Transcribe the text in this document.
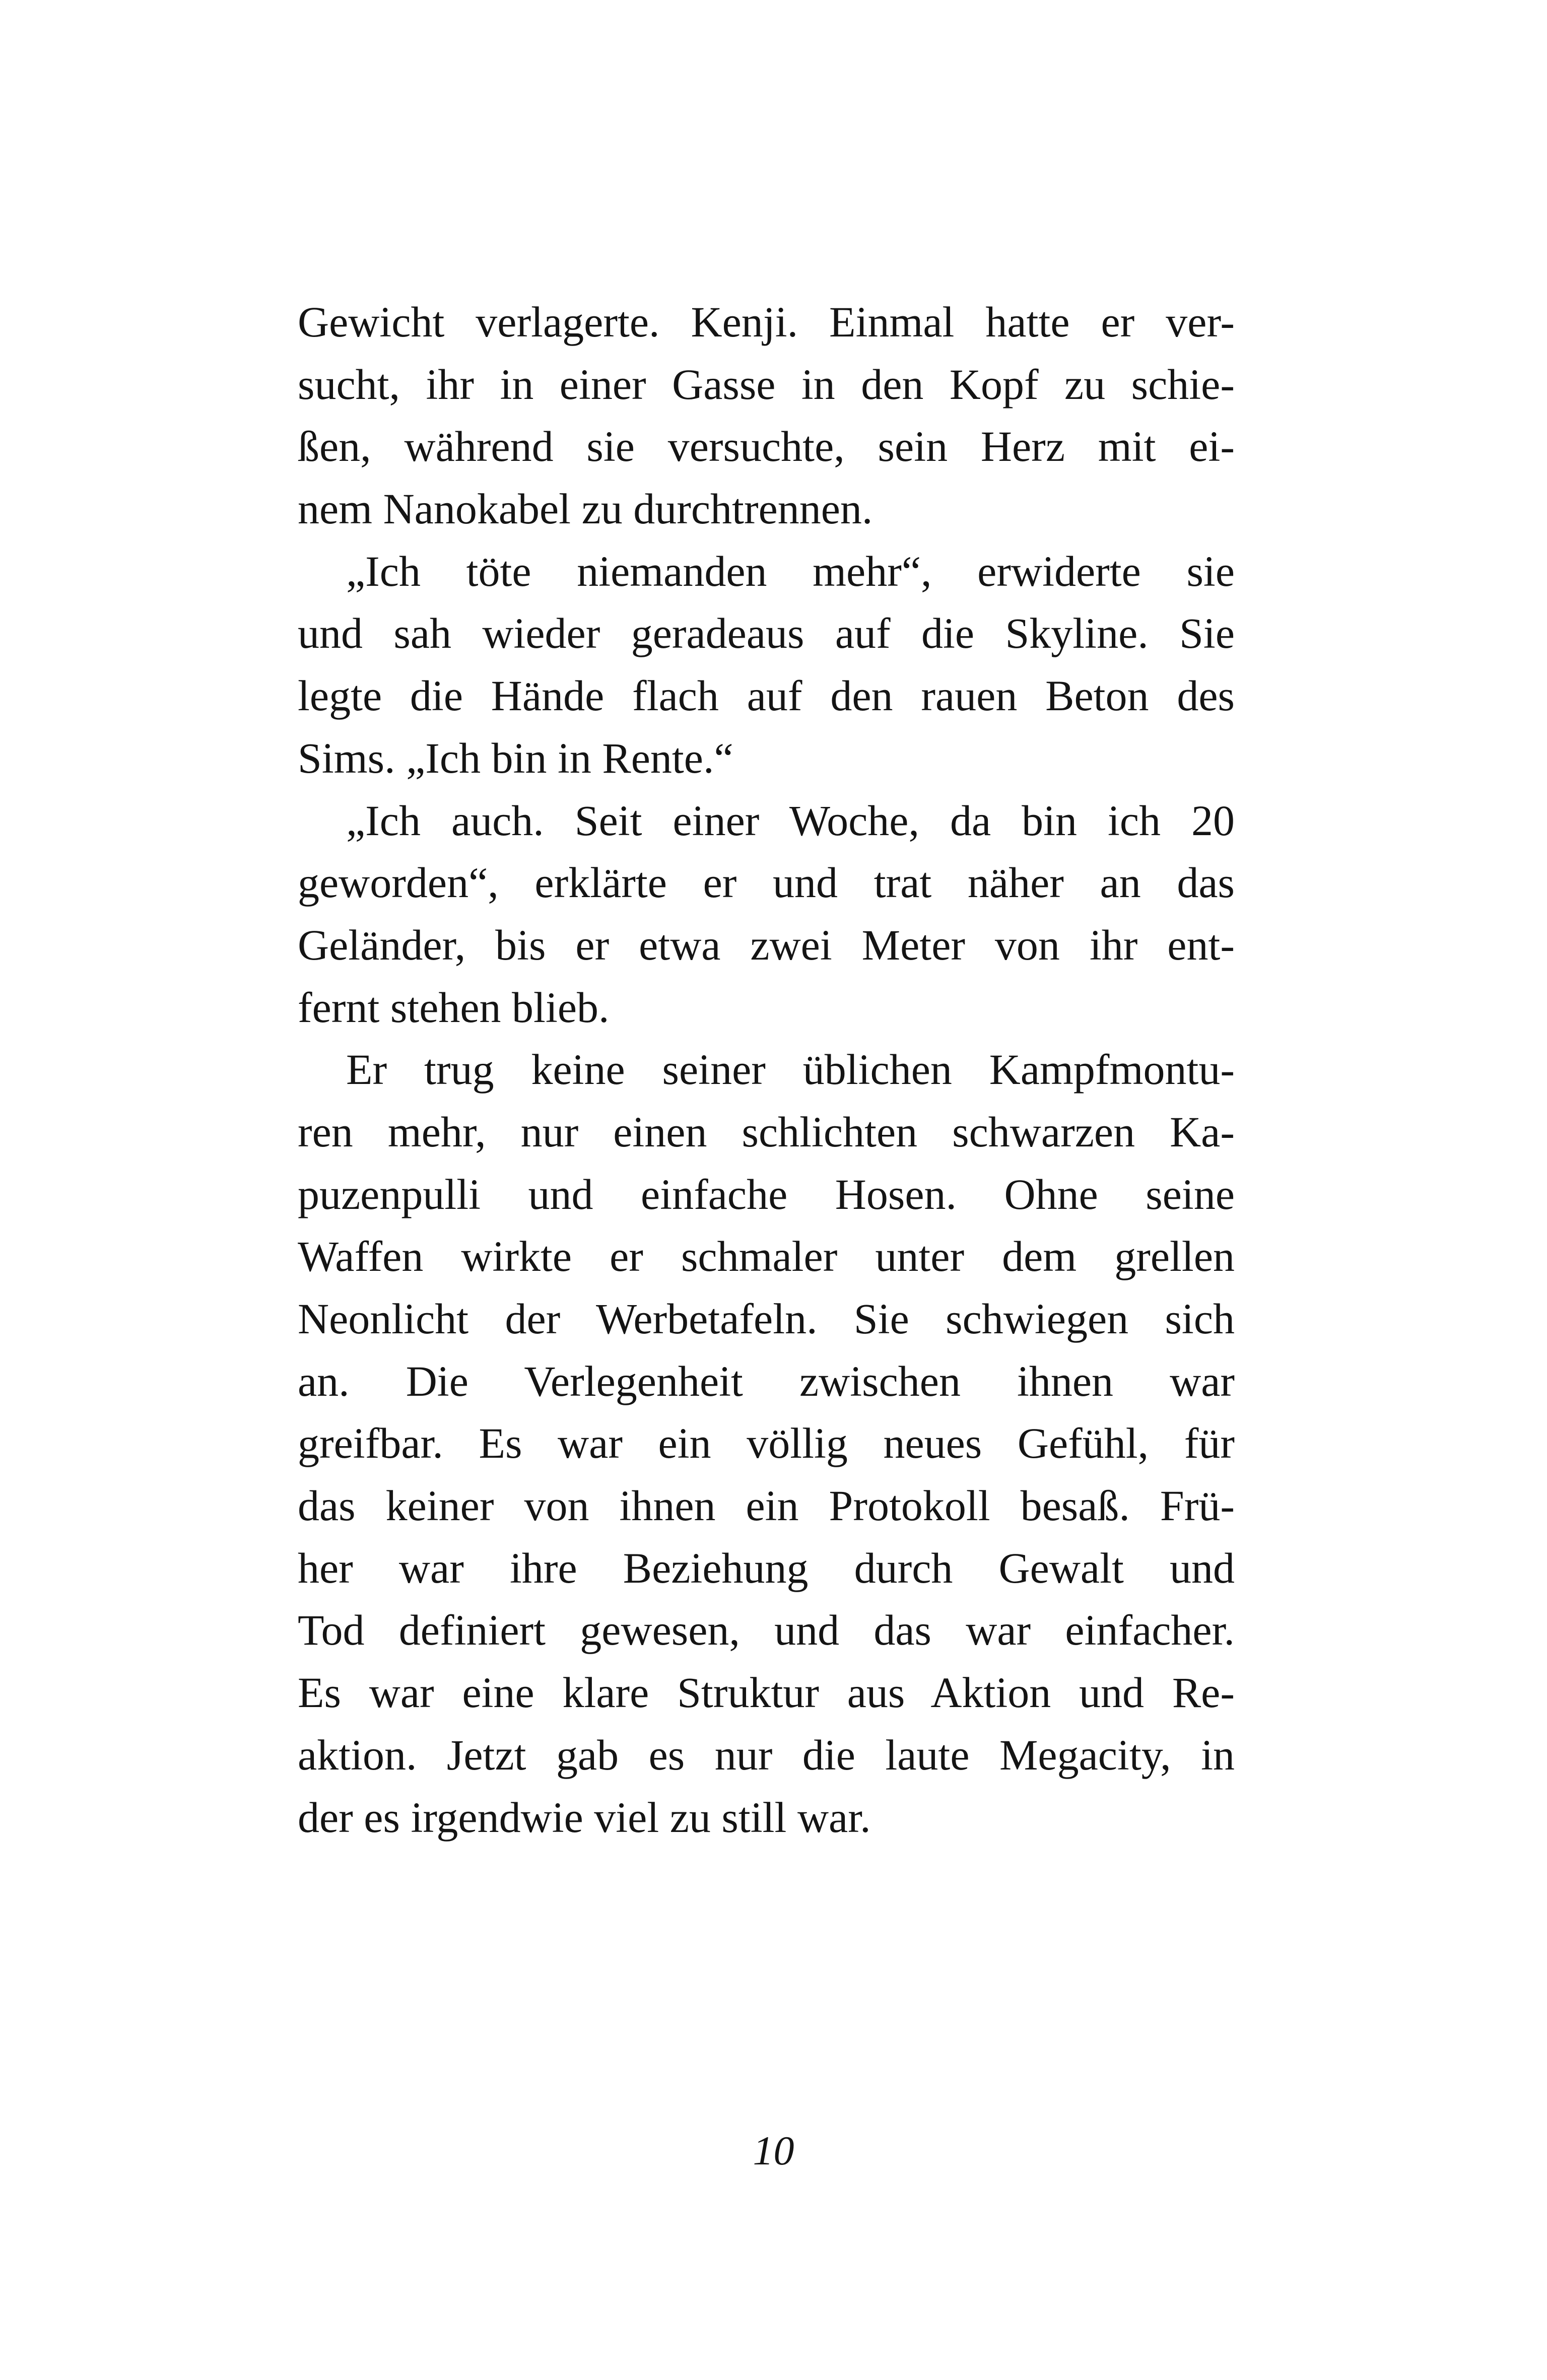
Gewicht verlagerte. Kenji. Einmal hatte er ver-
sucht, ihr in einer Gasse in den Kopf zu schie-
ßen, während sie versuchte, sein Herz mit ei-
nem Nanokabel zu durchtrennen.
„Ich töte niemanden mehr“, erwiderte sie
und sah wieder geradeaus auf die Skyline. Sie
legte die Hände flach auf den rauen Beton des
Sims. „Ich bin in Rente.“
„Ich auch. Seit einer Woche, da bin ich 20
geworden“, erklärte er und trat näher an das
Geländer, bis er etwa zwei Meter von ihr ent-
fernt stehen blieb.
Er trug keine seiner üblichen Kampfmontu-
ren mehr, nur einen schlichten schwarzen Ka-
puzenpulli und einfache Hosen. Ohne seine
Waffen wirkte er schmaler unter dem grellen
Neonlicht der Werbetafeln. Sie schwiegen sich
an. Die Verlegenheit zwischen ihnen war
greifbar. Es war ein völlig neues Gefühl, für
das keiner von ihnen ein Protokoll besaß. Frü-
her war ihre Beziehung durch Gewalt und
Tod definiert gewesen, und das war einfacher.
Es war eine klare Struktur aus Aktion und Re-
aktion. Jetzt gab es nur die laute Megacity, in
der es irgendwie viel zu still war.
10
